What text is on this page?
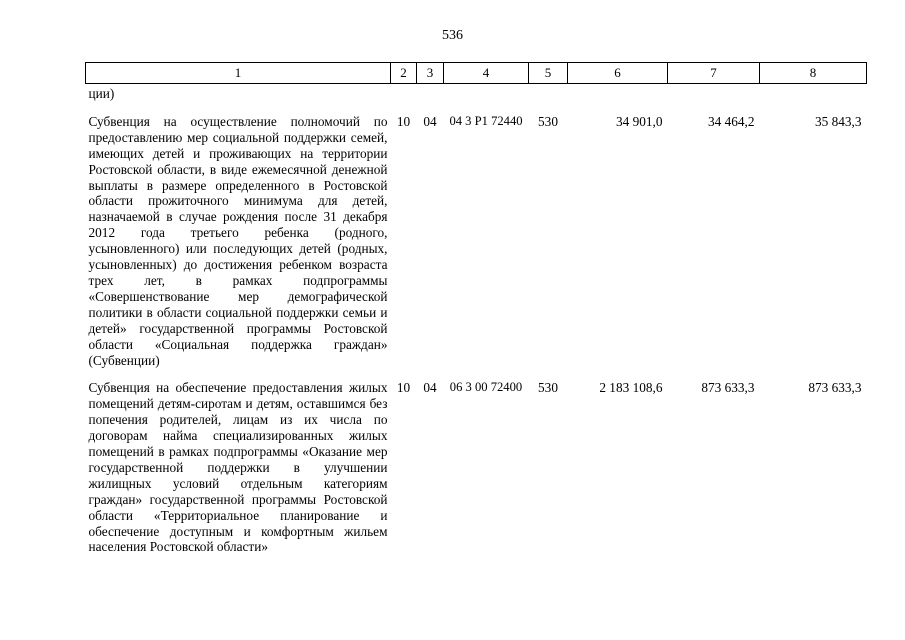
536
1	2	3	4	5	6	7	8
ции)							
Субвенция на осуществление полномочий по предоставлению мер социальной поддержки семей, имеющих детей и проживающих на территории Ростовской области, в виде ежемесячной денежной выплаты в размере определенного в Ростовской области прожиточного минимума для детей, назначаемой в случае рождения после 31 декабря 2012 года третьего ребенка (родного, усыновленного) или последующих детей (родных, усыновленных) до достижения ребенком возраста трех лет, в рамках подпрограммы «Совершенствование мер демографической политики в области социальной поддержки семьи и детей» государственной программы Ростовской области «Социальная поддержка граждан» (Субвенции)	10	04	04 3 P1 72440	530	34 901,0	34 464,2	35 843,3
Субвенция на обеспечение предоставления жилых помещений детям-сиротам и детям, оставшимся без попечения родителей, лицам из их числа по договорам найма специализированных жилых помещений в рамках подпрограммы «Оказание мер государственной поддержки в улучшении жилищных условий отдельным категориям граждан» государственной программы Ростовской области «Территориальное планирование и обеспечение доступным и комфортным жильем населения Ростовской области»	10	04	06 3 00 72400	530	2 183 108,6	873 633,3	873 633,3
